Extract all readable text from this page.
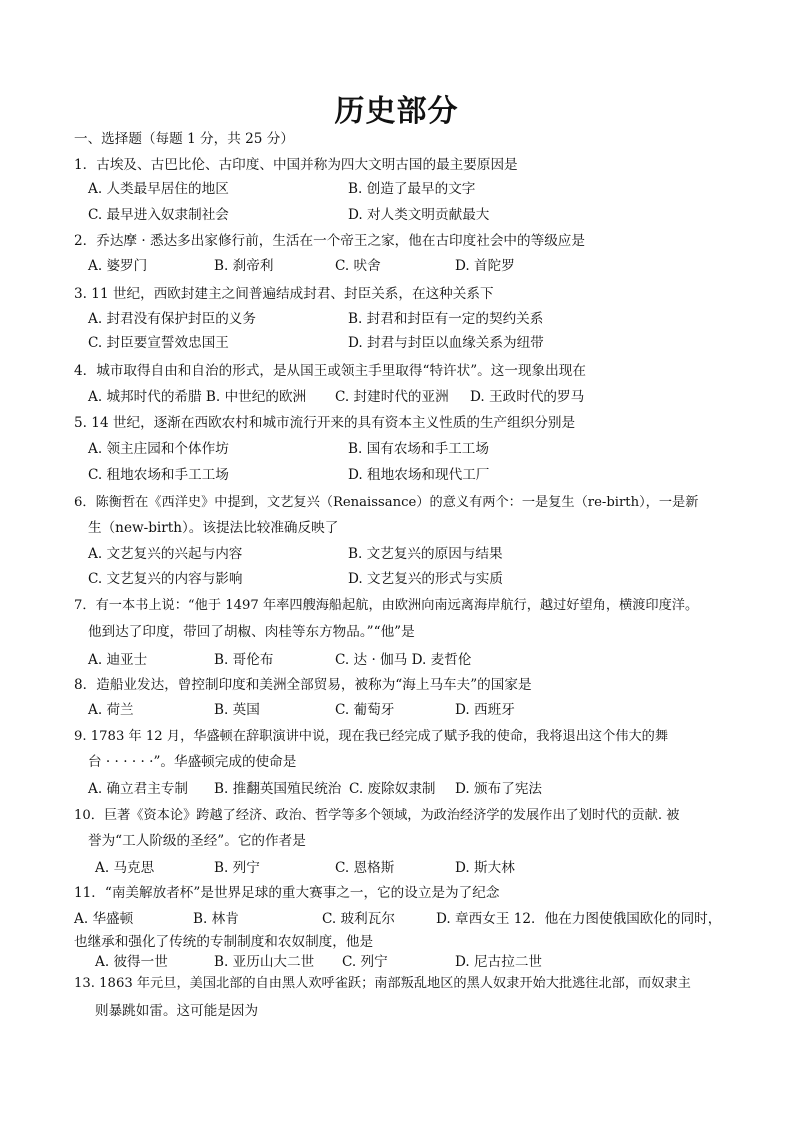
历史部分
一、选择题（每题 1 分，共 25 分）
1．古埃及、古巴比伦、古印度、中国并称为四大文明古国的最主要原因是
A. 人类最早居住的地区	B. 创造了最早的文字
C. 最早进入奴隶制社会	D. 对人类文明贡献最大
2．乔达摩 · 悉达多出家修行前，生活在一个帝王之家，他在古印度社会中的等级应是
A. 婆罗门	B. 刹帝利	C. 吠舍	D. 首陀罗
3. 11 世纪，西欧封建主之间普遍结成封君、封臣关系，在这种关系下
A. 封君没有保护封臣的义务	B. 封君和封臣有一定的契约关系
C. 封臣要宣誓效忠国王	D. 封君与封臣以血缘关系为纽带
4．城市取得自由和自治的形式，是从国王或领主手里取得“特许状”。这一现象出现在
A. 城邦时代的希腊 B. 中世纪的欧洲 C. 封建时代的亚洲 D. 王政时代的罗马
5. 14 世纪，逐渐在西欧农村和城市流行开来的具有资本主义性质的生产组织分别是
A. 领主庄园和个体作坊	B. 国有农场和手工工场
C. 租地农场和手工工场	D. 租地农场和现代工厂
6．陈衡哲在《西洋史》中提到，文艺复兴（Renaissance）的意义有两个：一是复生（re-birth），一是新
生（new-birth）。该提法比较准确反映了
A. 文艺复兴的兴起与内容	B. 文艺复兴的原因与结果
C. 文艺复兴的内容与影响	D. 文艺复兴的形式与实质
7．有一本书上说：“他于 1497 年率四艘海船起航，由欧洲向南远离海岸航行，越过好望角，横渡印度洋。
他到达了印度，带回了胡椒、肉桂等东方物品。”“他”是
A. 迪亚士	B. 哥伦布	C. 达 · 伽马 D. 麦哲伦
8．造船业发达，曾控制印度和美洲全部贸易，被称为“海上马车夫”的国家是
A. 荷兰	B. 英国	C. 葡萄牙	D. 西班牙
9. 1783 年 12 月，华盛顿在辞职演讲中说，现在我已经完成了赋予我的使命，我将退出这个伟大的舞
台 · · · · · ·”。华盛顿完成的使命是
A. 确立君主专制 B. 推翻英国殖民统治 C. 废除奴隶制 D. 颁布了宪法
10．巨著《资本论》跨越了经济、政治、哲学等多个领域，为政治经济学的发展作出了划时代的贡献. 被
誉为“工人阶级的圣经”。它的作者是
A. 马克思	B. 列宁	C. 恩格斯	D. 斯大林
11．“南美解放者杯”是世界足球的重大赛事之一，它的设立是为了纪念
A. 华盛顿	B. 林肯	C. 玻利瓦尔	D. 章西女王 12．他在力图使俄国欧化的同时，
也继承和强化了传统的专制制度和农奴制度，他是
A. 彼得一世	B. 亚历山大二世 C. 列宁	D. 尼古拉二世
13. 1863 年元旦，美国北部的自由黑人欢呼雀跃；南部叛乱地区的黑人奴隶开始大批逃往北部，而奴隶主
则暴跳如雷。这可能是因为
